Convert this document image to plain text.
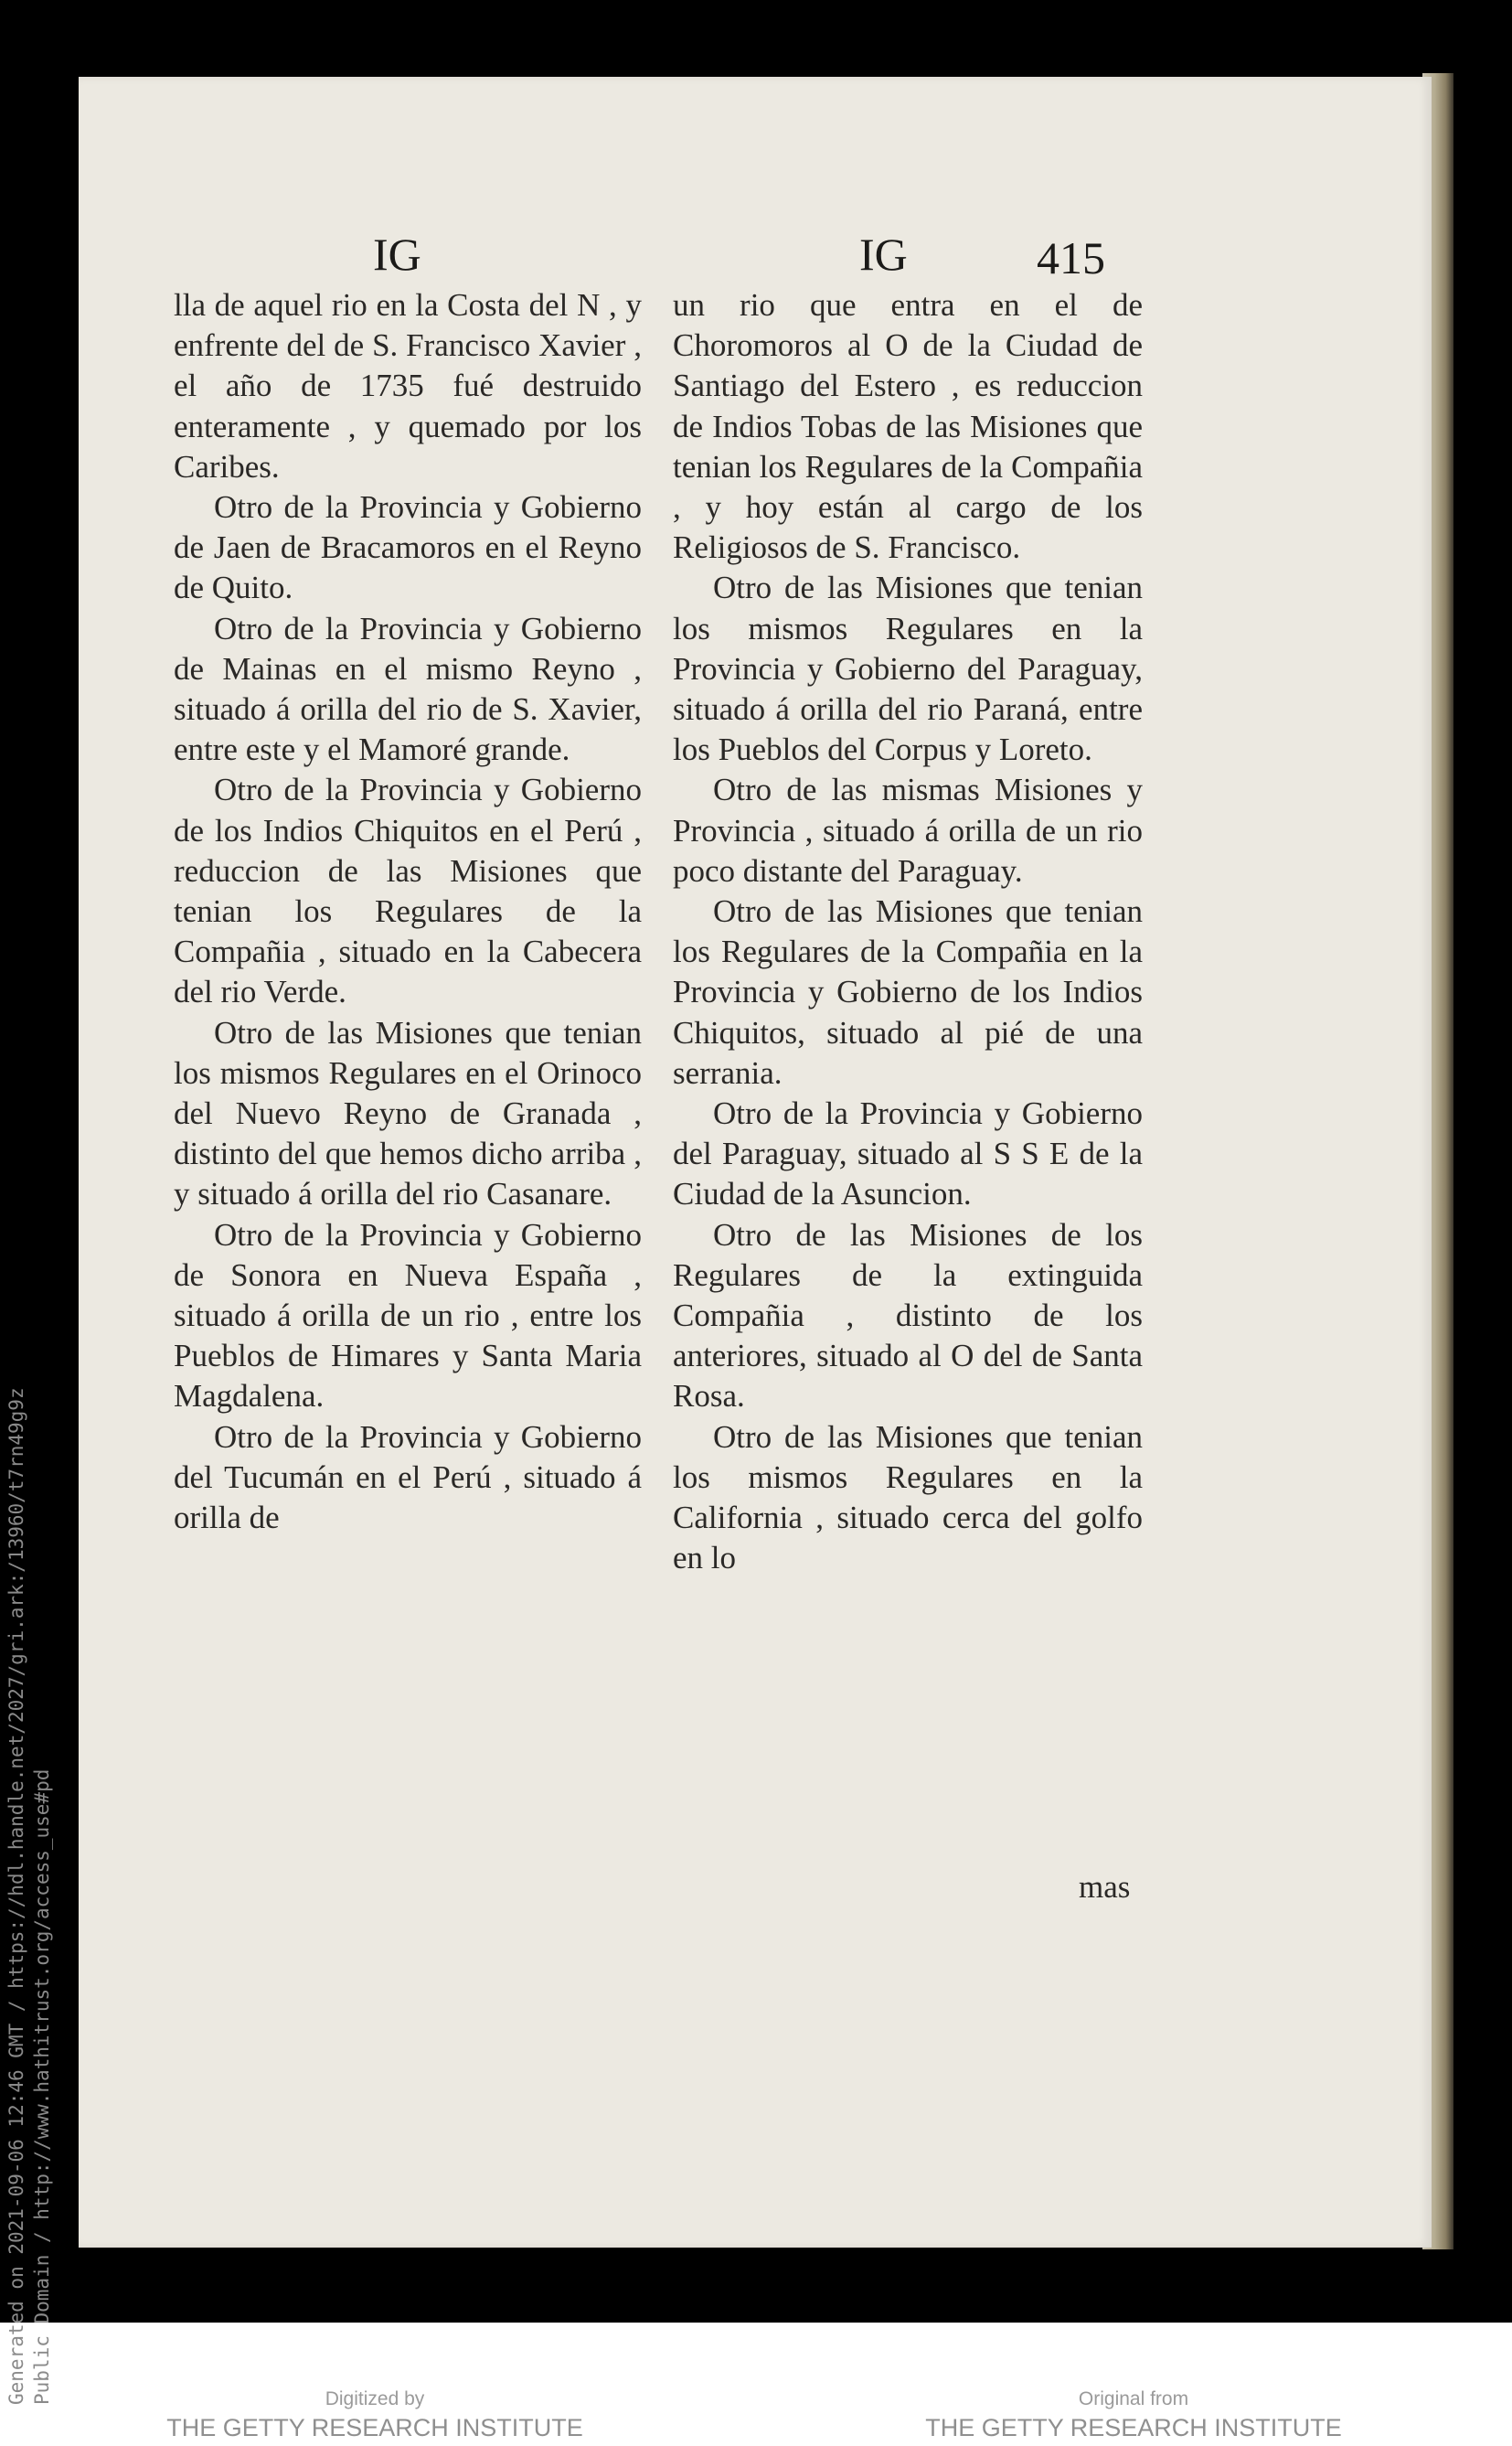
IG	IG	415

lla de aquel rio en la Costa del N , y enfrente del de S. Francisco Xavier , el año de 1735 fué destruido enteramente , y quemado por los Caribes.

Otro de la Provincia y Gobierno de Jaen de Bracamoros en el Reyno de Quito.

Otro de la Provincia y Gobierno de Mainas en el mismo Reyno , situado á orilla del rio de S. Xavier, entre este y el Mamoré grande.

Otro de la Provincia y Gobierno de los Indios Chiquitos en el Perú , reduccion de las Misiones que tenian los Regulares de la Compañia , situado en la Cabecera del rio Verde.

Otro de las Misiones que tenian los mismos Regulares en el Orinoco del Nuevo Reyno de Granada , distinto del que hemos dicho arriba , y situado á orilla del rio Casanare.

Otro de la Provincia y Gobierno de Sonora en Nueva España , situado á orilla de un rio , entre los Pueblos de Himares y Santa Maria Magdalena.

Otro de la Provincia y Gobierno del Tucumán en el Perú , situado á orilla de

un rio que entra en el de Choromoros al O de la Ciudad de Santiago del Estero , es reduccion de Indios Tobas de las Misiones que tenian los Regulares de la Compañia , y hoy están al cargo de los Religiosos de S. Francisco.

Otro de las Misiones que tenian los mismos Regulares en la Provincia y Gobierno del Paraguay, situado á orilla del rio Paraná, entre los Pueblos del Corpus y Loreto.

Otro de las mismas Misiones y Provincia , situado á orilla de un rio poco distante del Paraguay.

Otro de las Misiones que tenian los Regulares de la Compañia en la Provincia y Gobierno de los Indios Chiquitos, situado al pié de una serrania.

Otro de la Provincia y Gobierno del Paraguay, situado al S S E de la Ciudad de la Asuncion.

Otro de las Misiones de los Regulares de la extinguida Compañia , distinto de los anteriores, situado al O del de Santa Rosa.

Otro de las Misiones que tenian los mismos Regulares en la California , situado cerca del golfo en lo

mas
Generated on 2021-09-06 12:46 GMT / https://hdl.handle.net/2027/gri.ark:/13960/t7rn49g9z Public Domain / http://www.hathitrust.org/access_use#pd	Digitized by
THE GETTY RESEARCH INSTITUTE
Original from
THE GETTY RESEARCH INSTITUTE
